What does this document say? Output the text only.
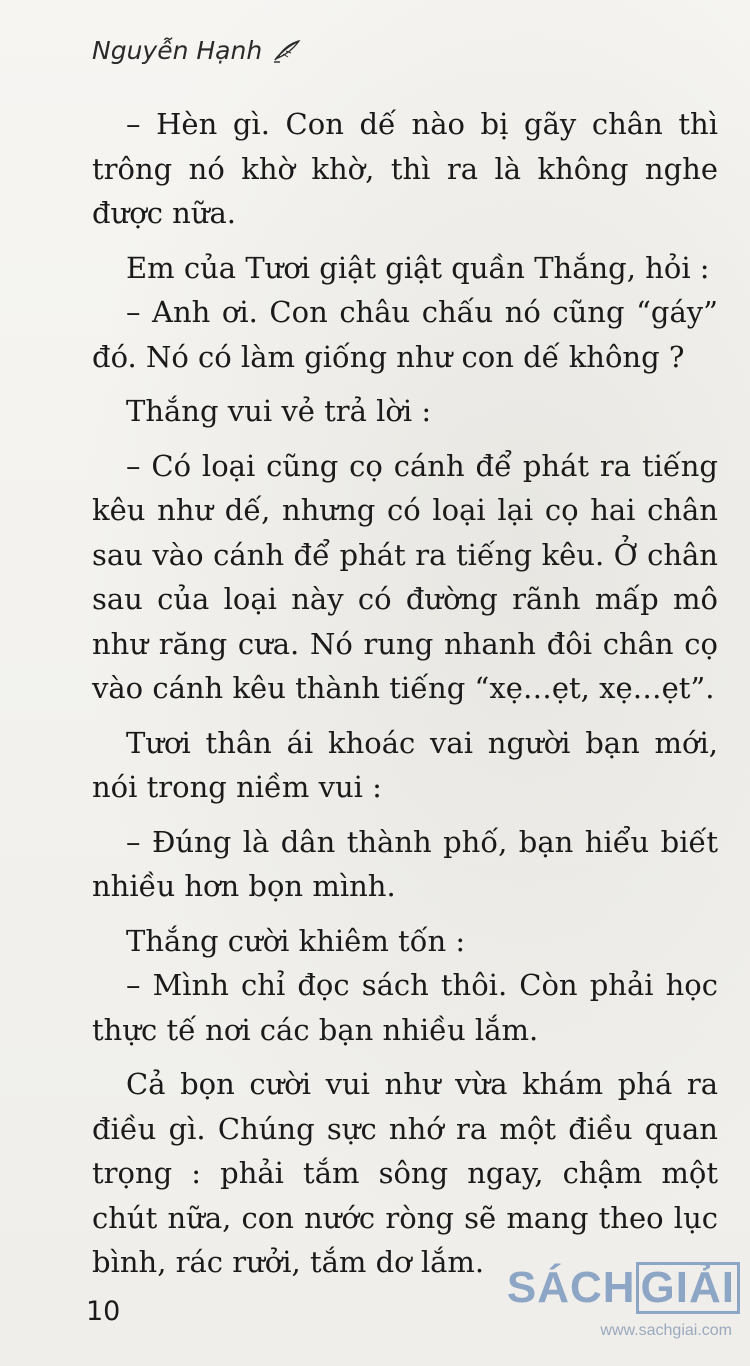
Nguyễn Hạnh

– Hèn gì. Con dế nào bị gãy chân thì trông nó khờ khờ, thì ra là không nghe được nữa.

Em của Tươi giật giật quần Thắng, hỏi :

– Anh ơi. Con châu chấu nó cũng “gáy” đó. Nó có làm giống như con dế không ?

Thắng vui vẻ trả lời :

– Có loại cũng cọ cánh để phát ra tiếng kêu như dế, nhưng có loại lại cọ hai chân sau vào cánh để phát ra tiếng kêu. Ở chân sau của loại này có đường rãnh mấp mô như răng cưa. Nó rung nhanh đôi chân cọ vào cánh kêu thành tiếng “xẹ…ẹt, xẹ…ẹt”.

Tươi thân ái khoác vai người bạn mới, nói trong niềm vui :

– Đúng là dân thành phố, bạn hiểu biết nhiều hơn bọn mình.

Thắng cười khiêm tốn :

– Mình chỉ đọc sách thôi. Còn phải học thực tế nơi các bạn nhiều lắm.

Cả bọn cười vui như vừa khám phá ra điều gì. Chúng sực nhớ ra một điều quan trọng : phải tắm sông ngay, chậm một chút nữa, con nước ròng sẽ mang theo lục bình, rác rưởi, tắm dơ lắm.

10	SÁCH GIẢI
www.sachgiai.com
